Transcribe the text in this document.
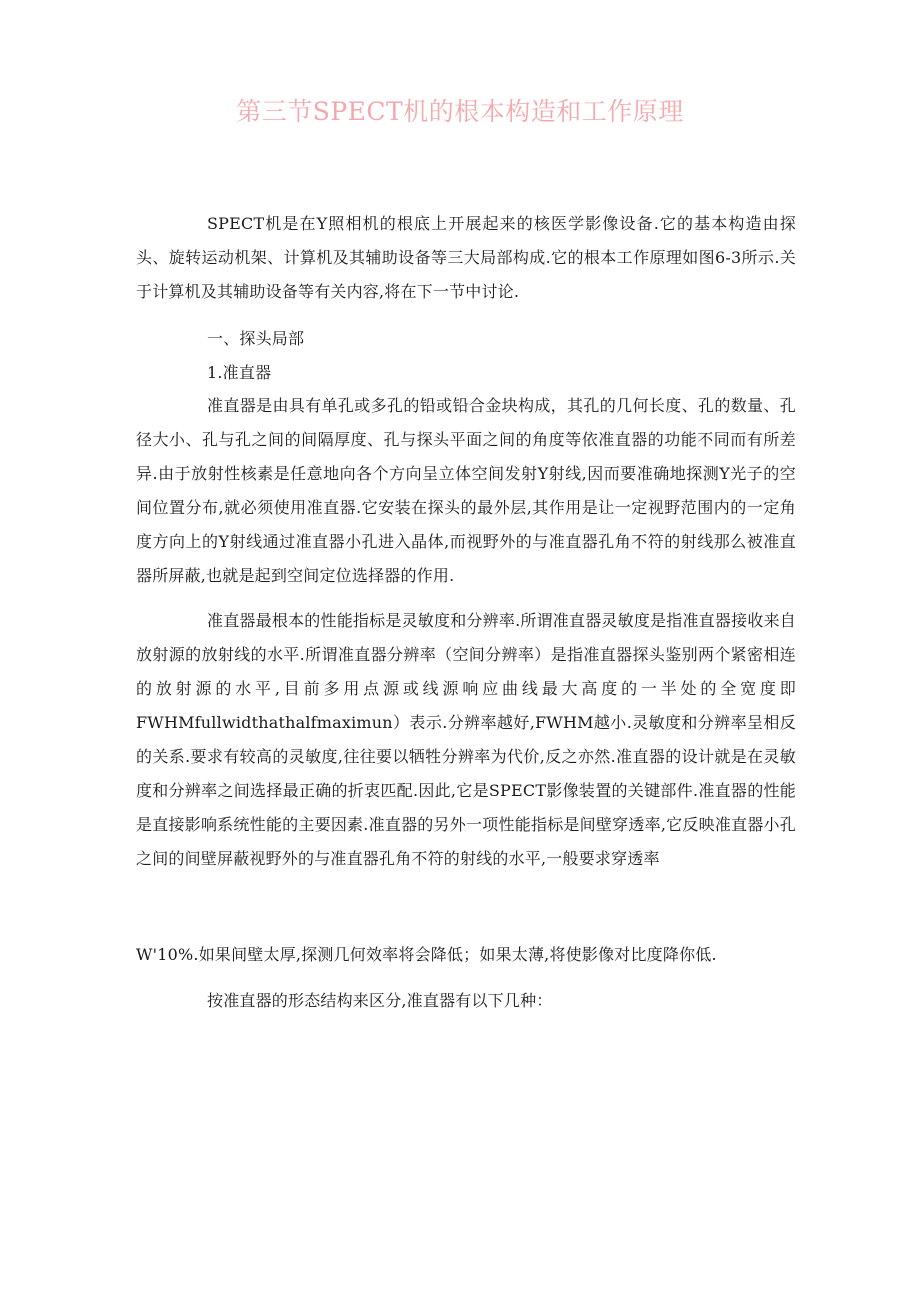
第三节SPECT机的根本构造和工作原理
SPECT机是在Y照相机的根底上开展起来的核医学影像设备.它的基本构造由探头、旋转运动机架、计算机及其辅助设备等三大局部构成.它的根本工作原理如图6-3所示.关于计算机及其辅助设备等有关内容,将在下一节中讨论.
一、探头局部
1.准直器
准直器是由具有单孔或多孔的铅或铅合金块构成，其孔的几何长度、孔的数量、孔径大小、孔与孔之间的间隔厚度、孔与探头平面之间的角度等依准直器的功能不同而有所差异.由于放射性核素是任意地向各个方向呈立体空间发射Y射线,因而要准确地探测Y光子的空间位置分布,就必须使用准直器.它安装在探头的最外层,其作用是让一定视野范围内的一定角度方向上的Y射线通过准直器小孔进入晶体,而视野外的与准直器孔角不符的射线那么被准直器所屏蔽,也就是起到空间定位选择器的作用.
准直器最根本的性能指标是灵敏度和分辨率.所谓准直器灵敏度是指准直器接收来自放射源的放射线的水平.所谓准直器分辨率（空间分辨率）是指准直器探头鉴别两个紧密相连的放射源的水平,目前多用点源或线源响应曲线最大高度的一半处的全宽度即FWHMfullwidthathalfmaximun）表示.分辨率越好,FWHM越小.灵敏度和分辨率呈相反的关系.要求有较高的灵敏度,往往要以牺牲分辨率为代价,反之亦然.准直器的设计就是在灵敏度和分辨率之间选择最正确的折衷匹配.因此,它是SPECT影像装置的关键部件.准直器的性能是直接影响系统性能的主要因素.准直器的另外一项性能指标是间壁穿透率,它反映准直器小孔之间的间壁屏蔽视野外的与准直器孔角不符的射线的水平,一般要求穿透率
W'10%.如果间壁太厚,探测几何效率将会降低；如果太薄,将使影像对比度降你低.
按准直器的形态结构来区分,准直器有以下几种：
